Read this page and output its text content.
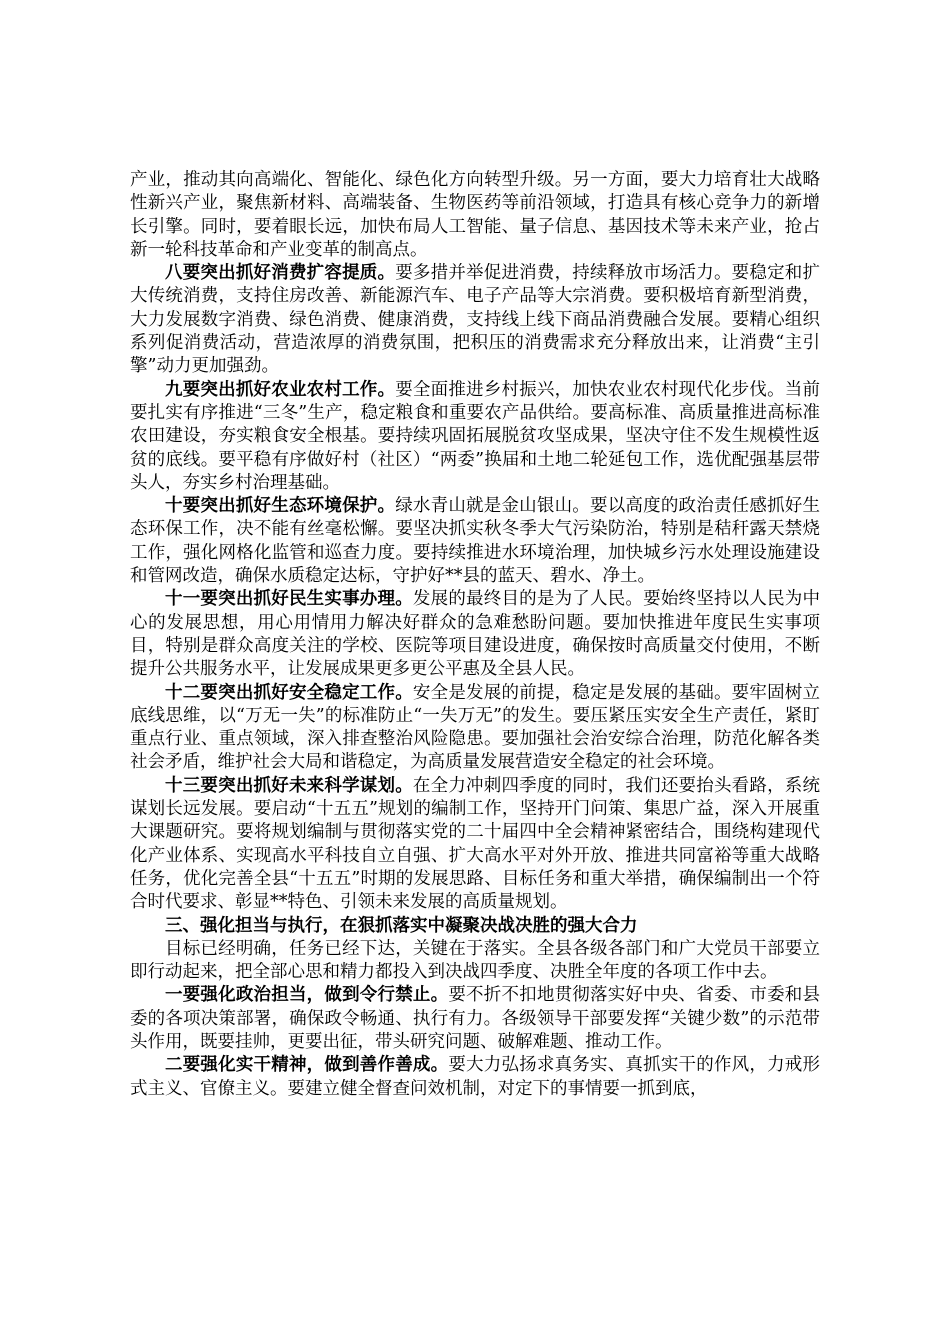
产业，推动其向高端化、智能化、绿色化方向转型升级。另一方面，要大力培育壮大战略性新兴产业，聚焦新材料、高端装备、生物医药等前沿领域，打造具有核心竞争力的新增长引擎。同时，要着眼长远，加快布局人工智能、量子信息、基因技术等未来产业，抢占新一轮科技革命和产业变革的制高点。

八要突出抓好消费扩容提质。要多措并举促进消费，持续释放市场活力。要稳定和扩大传统消费，支持住房改善、新能源汽车、电子产品等大宗消费。要积极培育新型消费，大力发展数字消费、绿色消费、健康消费，支持线上线下商品消费融合发展。要精心组织系列促消费活动，营造浓厚的消费氛围，把积压的消费需求充分释放出来，让消费“主引擎”动力更加强劲。

九要突出抓好农业农村工作。要全面推进乡村振兴，加快农业农村现代化步伐。当前要扎实有序推进“三冬”生产，稳定粮食和重要农产品供给。要高标准、高质量推进高标准农田建设，夯实粮食安全根基。要持续巩固拓展脱贫攻坚成果，坚决守住不发生规模性返贫的底线。要平稳有序做好村（社区）“两委”换届和土地二轮延包工作，选优配强基层带头人，夯实乡村治理基础。

十要突出抓好生态环境保护。绿水青山就是金山银山。要以高度的政治责任感抓好生态环保工作，决不能有丝毫松懈。要坚决抓实秋冬季大气污染防治，特别是秸秆露天禁烧工作，强化网格化监管和巡查力度。要持续推进水环境治理，加快城乡污水处理设施建设和管网改造，确保水质稳定达标，守护好**县的蓝天、碧水、净土。

十一要突出抓好民生实事办理。发展的最终目的是为了人民。要始终坚持以人民为中心的发展思想，用心用情用力解决好群众的急难愁盼问题。要加快推进年度民生实事项目，特别是群众高度关注的学校、医院等项目建设进度，确保按时高质量交付使用，不断提升公共服务水平，让发展成果更多更公平惠及全县人民。

十二要突出抓好安全稳定工作。安全是发展的前提，稳定是发展的基础。要牢固树立底线思维，以“万无一失”的标准防止“一失万无”的发生。要压紧压实安全生产责任，紧盯重点行业、重点领域，深入排查整治风险隐患。要加强社会治安综合治理，防范化解各类社会矛盾，维护社会大局和谐稳定，为高质量发展营造安全稳定的社会环境。

十三要突出抓好未来科学谋划。在全力冲刺四季度的同时，我们还要抬头看路，系统谋划长远发展。要启动“十五五”规划的编制工作，坚持开门问策、集思广益，深入开展重大课题研究。要将规划编制与贯彻落实党的二十届四中全会精神紧密结合，围绕构建现代化产业体系、实现高水平科技自立自强、扩大高水平对外开放、推进共同富裕等重大战略任务，优化完善全县“十五五”时期的发展思路、目标任务和重大举措，确保编制出一个符合时代要求、彰显**特色、引领未来发展的高质量规划。

三、强化担当与执行，在狠抓落实中凝聚决战决胜的强大合力

目标已经明确，任务已经下达，关键在于落实。全县各级各部门和广大党员干部要立即行动起来，把全部心思和精力都投入到决战四季度、决胜全年度的各项工作中去。

一要强化政治担当，做到令行禁止。要不折不扣地贯彻落实好中央、省委、市委和县委的各项决策部署，确保政令畅通、执行有力。各级领导干部要发挥“关键少数”的示范带头作用，既要挂帅，更要出征，带头研究问题、破解难题、推动工作。

二要强化实干精神，做到善作善成。要大力弘扬求真务实、真抓实干的作风，力戒形式主义、官僚主义。要建立健全督查问效机制，对定下的事情要一抓到底，
